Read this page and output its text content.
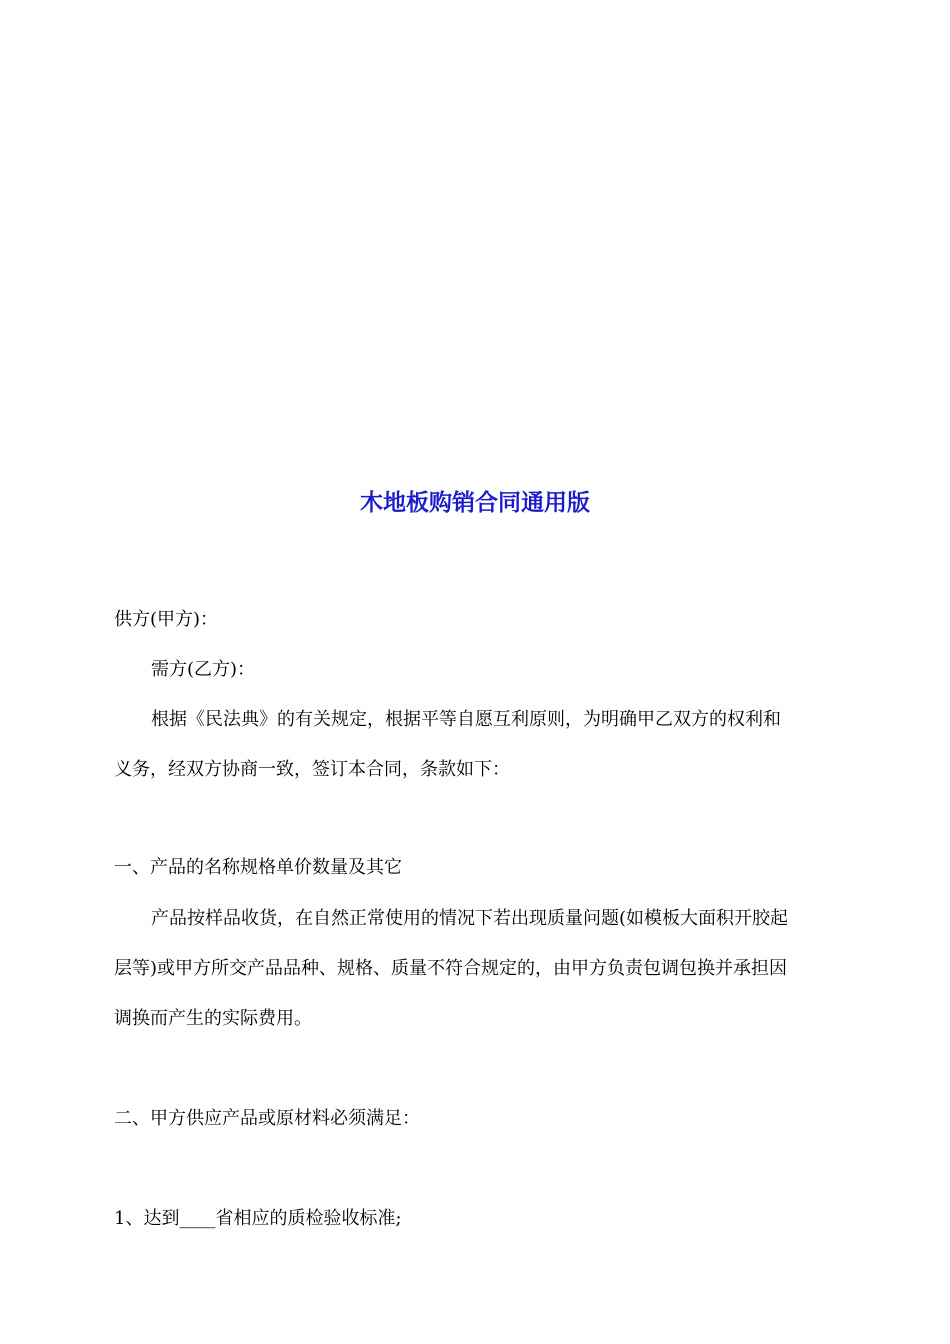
木地板购销合同通用版

供方(甲方)：

需方(乙方)：

根据《民法典》的有关规定，根据平等自愿互利原则，为明确甲乙双方的权利和

义务，经双方协商一致，签订本合同，条款如下：

一、产品的名称规格单价数量及其它

产品按样品收货，在自然正常使用的情况下若出现质量问题(如模板大面积开胶起

层等)或甲方所交产品品种、规格、质量不符合规定的，由甲方负责包调包换并承担因

调换而产生的实际费用。

二、甲方供应产品或原材料必须满足：

1、达到____省相应的质检验收标准;
